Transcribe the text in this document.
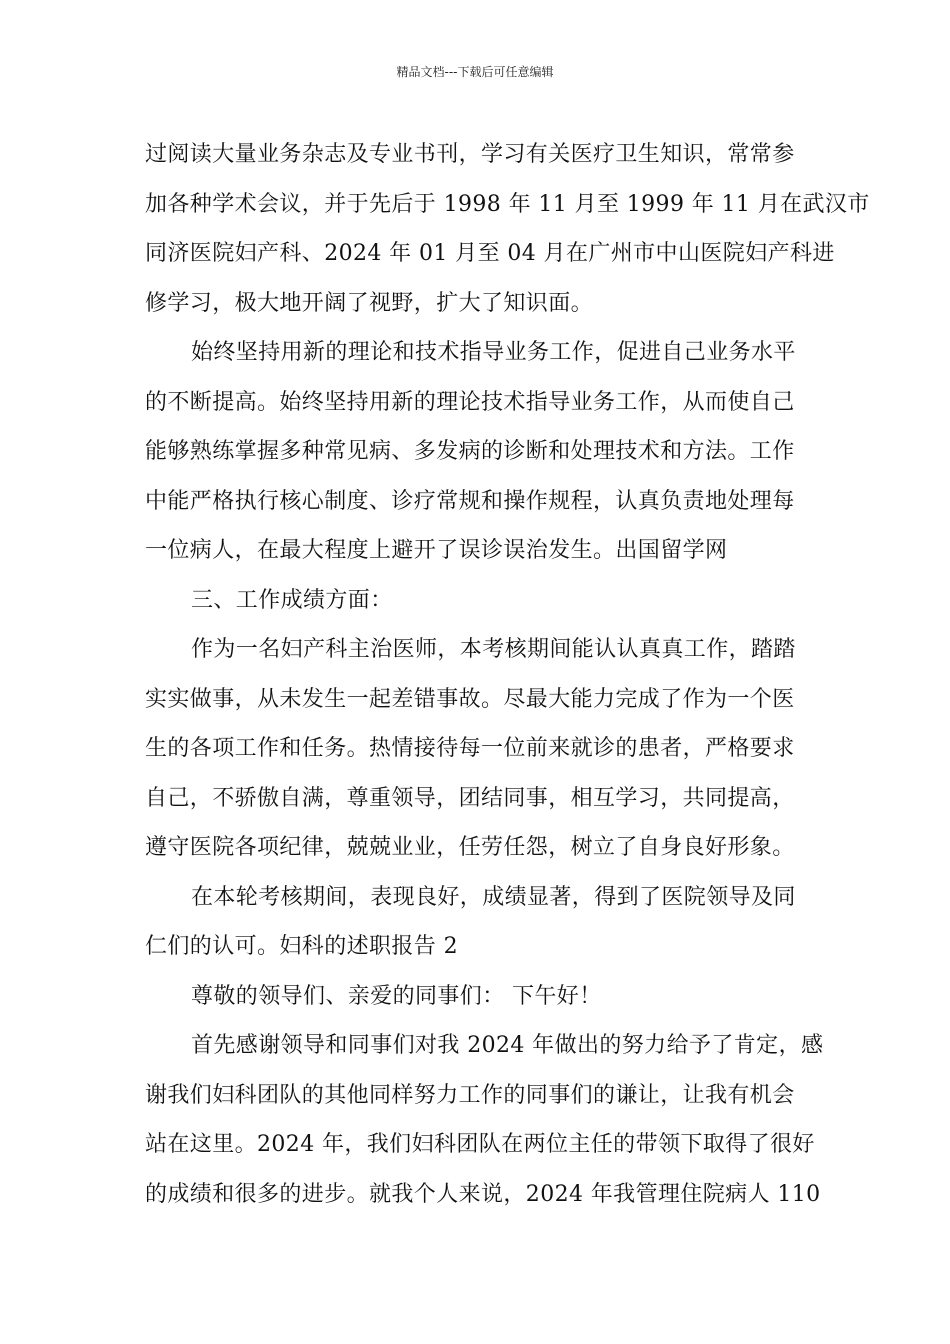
精品文档---下载后可任意编辑
过阅读大量业务杂志及专业书刊，学习有关医疗卫生知识，常常参
加各种学术会议，并于先后于 1998 年 11 月至 1999 年 11 月在武汉市
同济医院妇产科、2024 年 01 月至 04 月在广州市中山医院妇产科进
修学习，极大地开阔了视野，扩大了知识面。
始终坚持用新的理论和技术指导业务工作，促进自己业务水平
的不断提高。始终坚持用新的理论技术指导业务工作，从而使自己
能够熟练掌握多种常见病、多发病的诊断和处理技术和方法。工作
中能严格执行核心制度、诊疗常规和操作规程，认真负责地处理每
一位病人，在最大程度上避开了误诊误治发生。出国留学网
三、工作成绩方面：
作为一名妇产科主治医师，本考核期间能认认真真工作，踏踏
实实做事，从未发生一起差错事故。尽最大能力完成了作为一个医
生的各项工作和任务。热情接待每一位前来就诊的患者，严格要求
自己，不骄傲自满，尊重领导，团结同事，相互学习，共同提高，
遵守医院各项纪律，兢兢业业，任劳任怨，树立了自身良好形象。
在本轮考核期间，表现良好，成绩显著，得到了医院领导及同
仁们的认可。妇科的述职报告 2
尊敬的领导们、亲爱的同事们： 下午好！
首先感谢领导和同事们对我 2024 年做出的努力给予了肯定，感
谢我们妇科团队的其他同样努力工作的同事们的谦让，让我有机会
站在这里。2024 年，我们妇科团队在两位主任的带领下取得了很好
的成绩和很多的进步。就我个人来说，2024 年我管理住院病人 110
